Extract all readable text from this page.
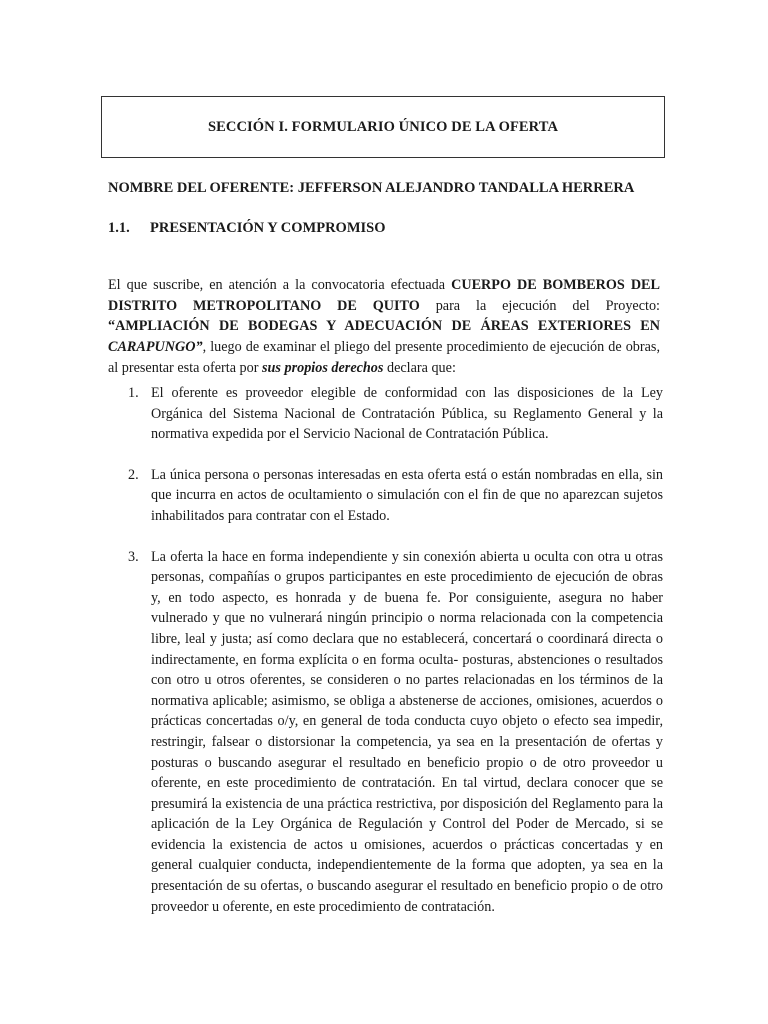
SECCIÓN I. FORMULARIO ÚNICO DE LA OFERTA
NOMBRE DEL OFERENTE: JEFFERSON ALEJANDRO TANDALLA HERRERA
1.1. PRESENTACIÓN Y COMPROMISO

El que suscribe, en atención a la convocatoria efectuada CUERPO DE BOMBEROS DEL DISTRITO METROPOLITANO DE QUITO para la ejecución del Proyecto: “AMPLIACIÓN DE BODEGAS Y ADECUACIÓN DE ÁREAS EXTERIORES EN CARAPUNGO”, luego de examinar el pliego del presente procedimiento de ejecución de obras, al presentar esta oferta por sus propios derechos declara que:

1. El oferente es proveedor elegible de conformidad con las disposiciones de la Ley Orgánica del Sistema Nacional de Contratación Pública, su Reglamento General y la normativa expedida por el Servicio Nacional de Contratación Pública.
2. La única persona o personas interesadas en esta oferta está o están nombradas en ella, sin que incurra en actos de ocultamiento o simulación con el fin de que no aparezcan sujetos inhabilitados para contratar con el Estado.
3. La oferta la hace en forma independiente y sin conexión abierta u oculta con otra u otras personas, compañías o grupos participantes en este procedimiento de ejecución de obras y, en todo aspecto, es honrada y de buena fe. Por consiguiente, asegura no haber vulnerado y que no vulnerará ningún principio o norma relacionada con la competencia libre, leal y justa; así como declara que no establecerá, concertará o coordinará directa o indirectamente, en forma explícita o en forma oculta- posturas, abstenciones o resultados con otro u otros oferentes, se consideren o no partes relacionadas en los términos de la normativa aplicable; asimismo, se obliga a abstenerse de acciones, omisiones, acuerdos o prácticas concertadas o/y, en general de toda conducta cuyo objeto o efecto sea impedir, restringir, falsear o distorsionar la competencia, ya sea en la presentación de ofertas y posturas o buscando asegurar el resultado en beneficio propio o de otro proveedor u oferente, en este procedimiento de contratación. En tal virtud, declara conocer que se presumirá la existencia de una práctica restrictiva, por disposición del Reglamento para la aplicación de la Ley Orgánica de Regulación y Control del Poder de Mercado, si se evidencia la existencia de actos u omisiones, acuerdos o prácticas concertadas y en general cualquier conducta, independientemente de la forma que adopten, ya sea en la presentación de su ofertas, o buscando asegurar el resultado en beneficio propio o de otro proveedor u oferente, en este procedimiento de contratación.
